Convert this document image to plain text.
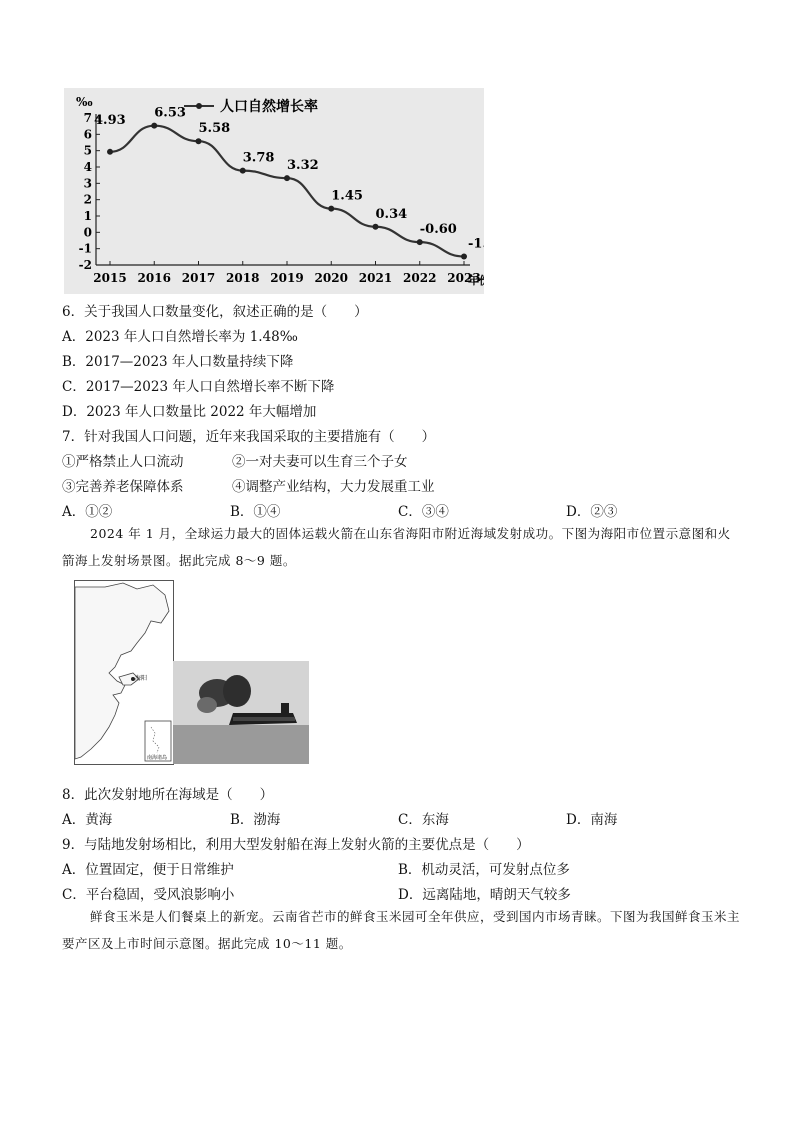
‰
7
6
5
4
3
2
1
0
-1
-2
2015 2016 2017 2018 2019 2020 2021 2022 2023
年
4.93 6.53
5.58
3.78
3.32
1.45
0.34
-0.60
-1
人口自然增长率
6．关于我国人口数量变化，叙述正确的是（　　）
A．2023 年人口自然增长率为 1.48‰
B．2017—2023 年人口数量持续下降
C．2017—2023 年人口自然增长率不断下降
D．2023 年人口数量比 2022 年大幅增加
7．针对我国人口问题，近年来我国采取的主要措施有（　　）
①严格禁止人口流动	②一对夫妻可以生育三个子女
③完善养老保障体系	④调整产业结构，大力发展重工业
A．①②	B．①④	C．③④	D．②③
2024 年 1 月，全球运力最大的固体运载火箭在山东省海阳市附近海域发射成功。下图为海阳市位置示意图和火箭海上发射场景图。据此完成 8～9 题。
海阳
南海诸岛
8．此次发射地所在海域是（　　）
A．黄海	B．渤海	C．东海	D．南海
9．与陆地发射场相比，利用大型发射船在海上发射火箭的主要优点是（　　）
A．位置固定，便于日常维护	B．机动灵活，可发射点位多
C．平台稳固，受风浪影响小	D．远离陆地，晴朗天气较多
鲜食玉米是人们餐桌上的新宠。云南省芒市的鲜食玉米园可全年供应，受到国内市场青睐。下图为我国鲜食玉米主要产区及上市时间示意图。据此完成 10～11 题。
